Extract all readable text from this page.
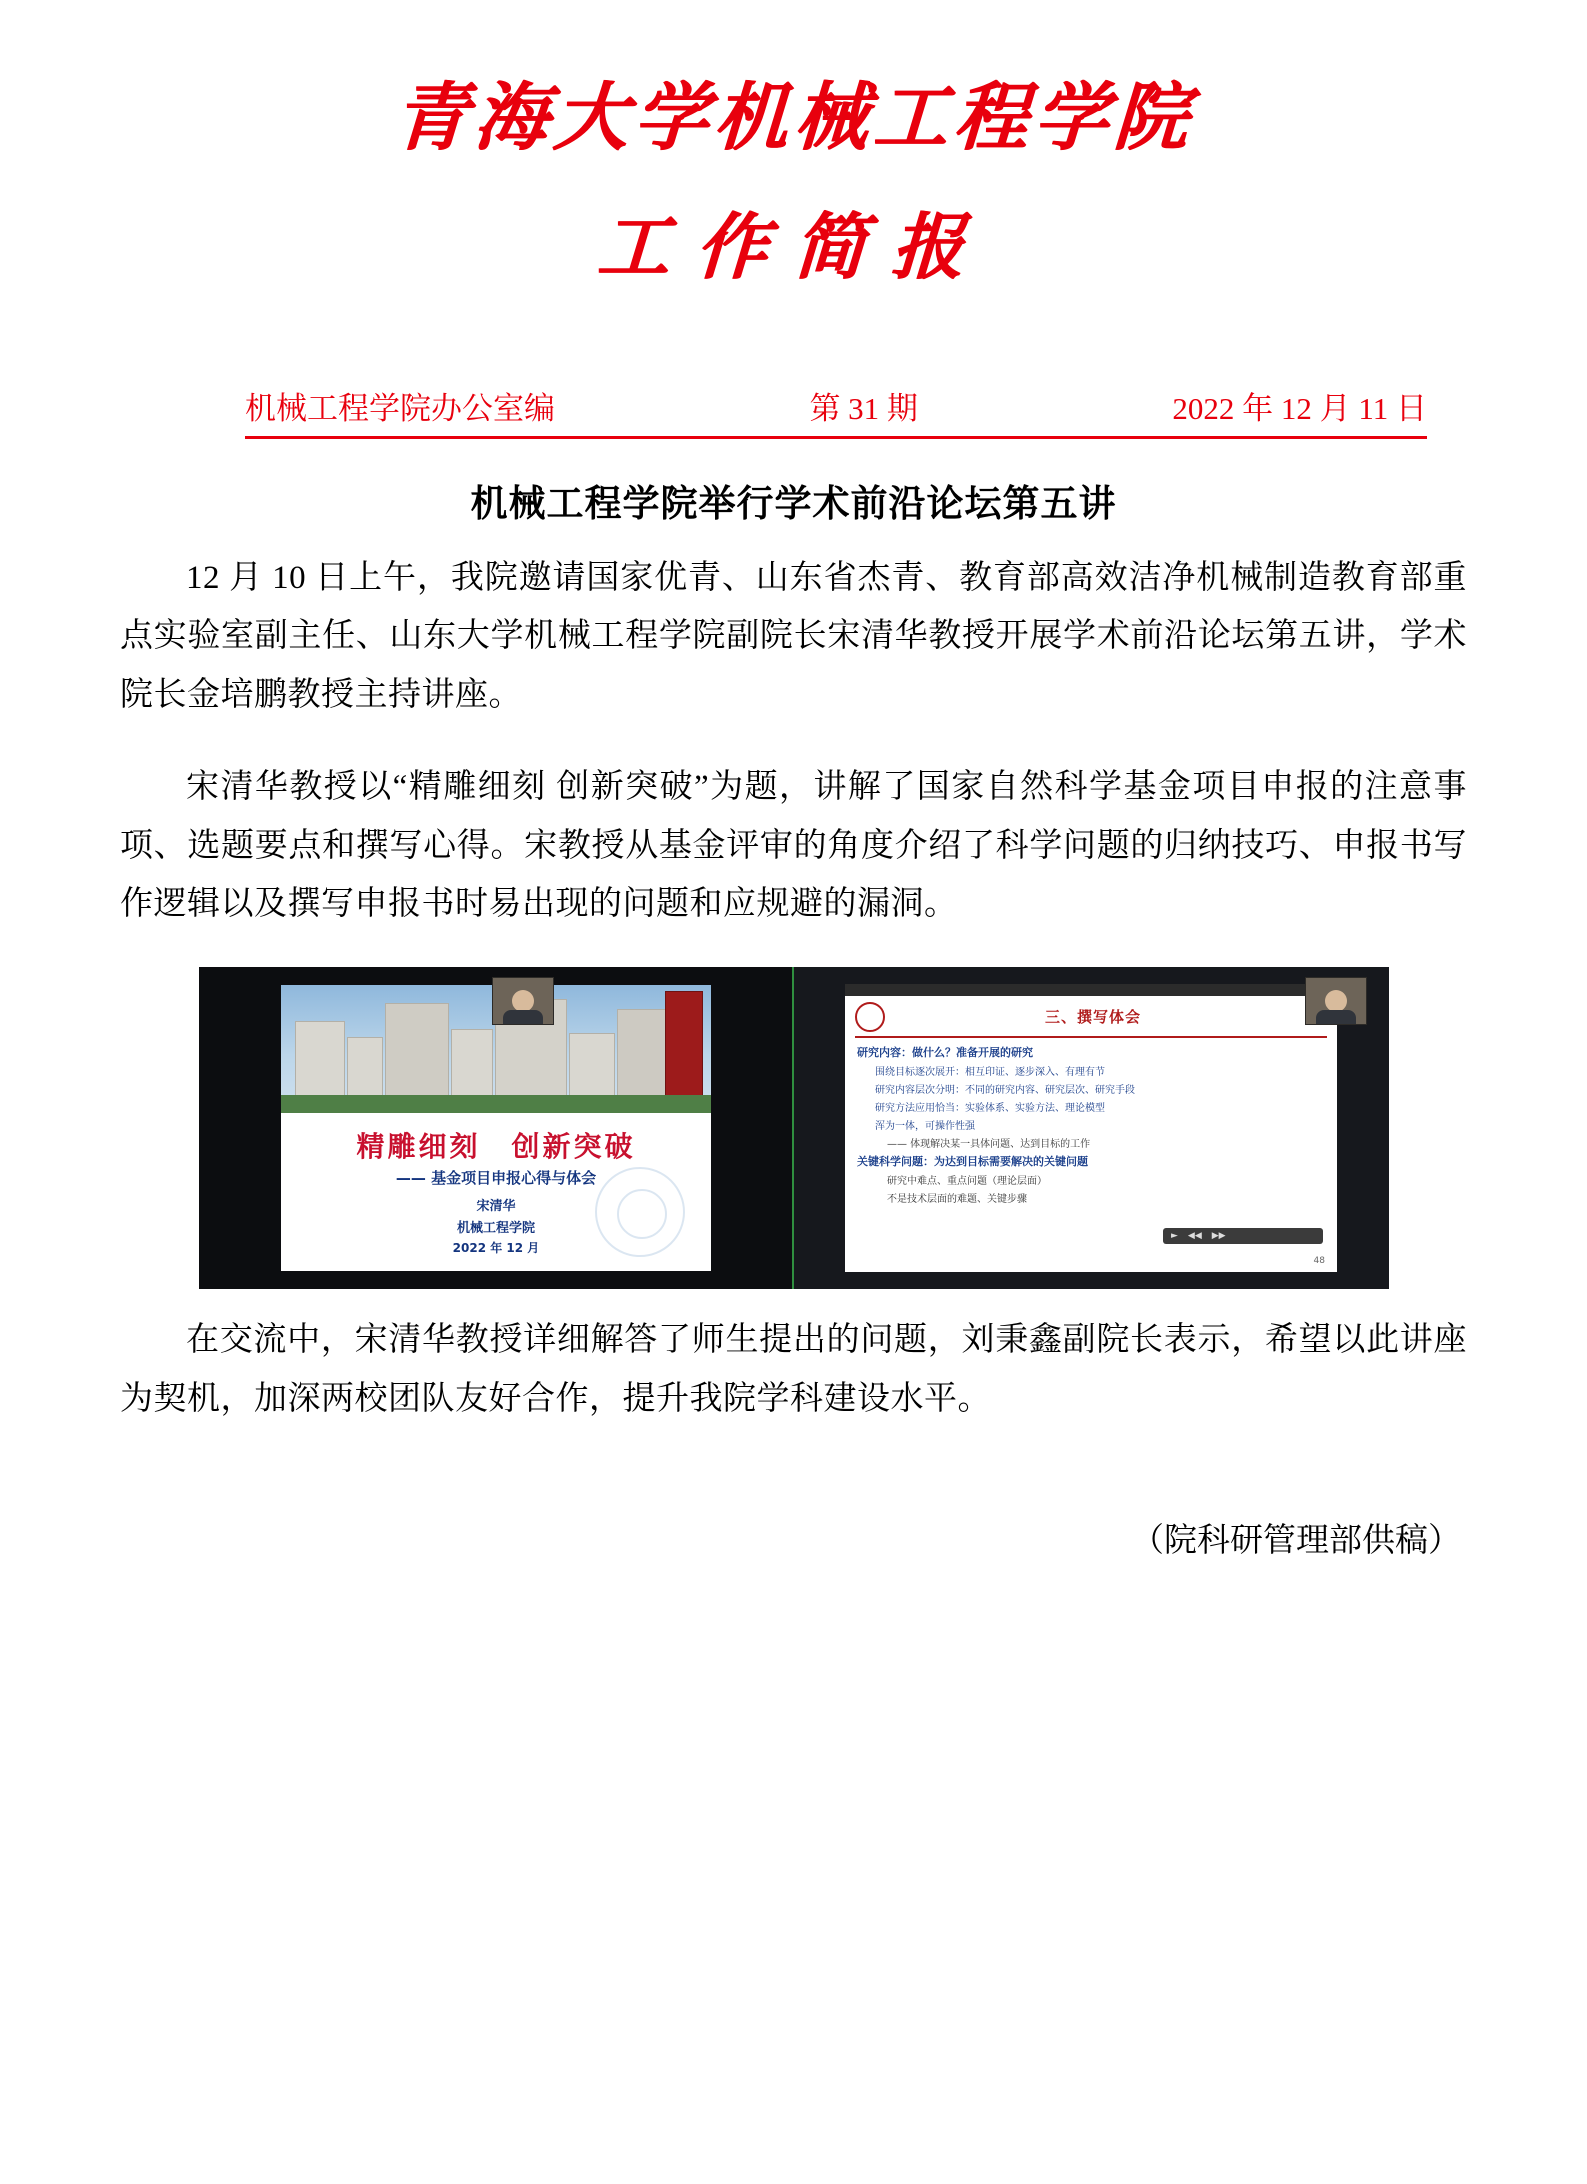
青海大学机械工程学院
工作简报
机械工程学院办公室编	第 31 期	2022 年 12 月 11 日
机械工程学院举行学术前沿论坛第五讲

12 月 10 日上午，我院邀请国家优青、山东省杰青、教育部高效洁净机械制造教育部重点实验室副主任、山东大学机械工程学院副院长宋清华教授开展学术前沿论坛第五讲，学术院长金培鹏教授主持讲座。

宋清华教授以“精雕细刻 创新突破”为题，讲解了国家自然科学基金项目申报的注意事项、选题要点和撰写心得。宋教授从基金评审的角度介绍了科学问题的归纳技巧、申报书写作逻辑以及撰写申报书时易出现的问题和应规避的漏洞。

精雕细刻　创新突破
—— 基金项目申报心得与体会
宋清华
机械工程学院
2022 年 12 月
三、撰写体会
研究内容：做什么？准备开展的研究
围绕目标逐次展开：相互印证、逐步深入、有理有节
研究内容层次分明：不同的研究内容、研究层次、研究手段
研究方法应用恰当：实验体系、实验方法、理论模型
浑为一体，可操作性强
—— 体现解决某一具体问题、达到目标的工作
关键科学问题：为达到目标需要解决的关键问题
研究中难点、重点问题（理论层面）
不是技术层面的难题、关键步骤
► ◀◀ ▶▶
48

在交流中，宋清华教授详细解答了师生提出的问题，刘秉鑫副院长表示，希望以此讲座为契机，加深两校团队友好合作，提升我院学科建设水平。

（院科研管理部供稿）
